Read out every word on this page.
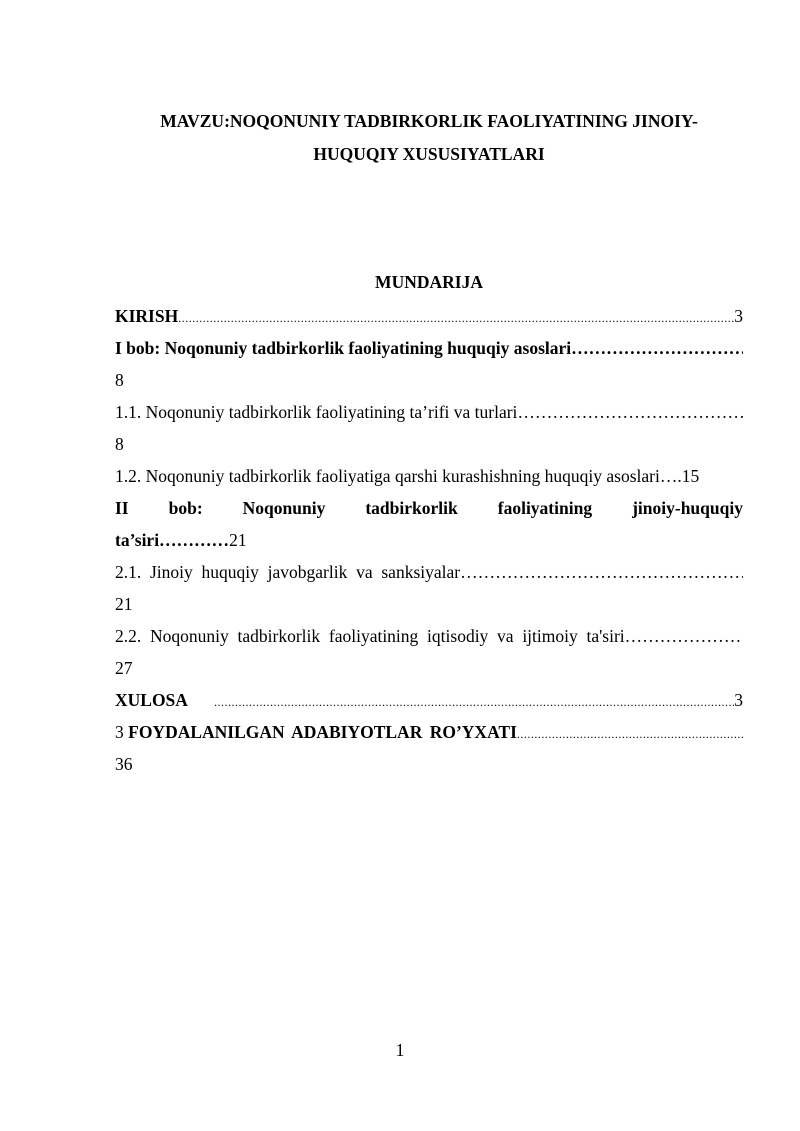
MAVZU:NOQONUNIY TADBIRKORLIK FAOLIYATINING JINOIY-
HUQUQIY XUSUSIYATLARI
MUNDARIJA
KIRISH .....	3
I bob: Noqonuniy tadbirkorlik faoliyatining huquqiy asoslari
…………………………………………………………………………………………
8
1.1. Noqonuniy tadbirkorlik faoliyatining ta’rifi va turlari
…………………………………………………………………………………………
8
1.2. Noqonuniy tadbirkorlik faoliyatiga qarshi kurashishning huquqiy asoslari….15
II bob: Noqonuniy tadbirkorlik faoliyatining jinoiy-huquqiy
ta’siri…………21
2.1.  Jinoiy  huquqiy  javobgarlik  va  sanksiyalar
…………………………………………………………………………………………
21
2.2.  Noqonuniy  tadbirkorlik  faoliyatining  iqtisodiy  va  ijtimoiy  ta'siri
…………………………………………………………………………………………
27
XULOSA .....	3
3 FOYDALANILGAN ADABIYOTLAR RO’YXATI
.....
36
1
